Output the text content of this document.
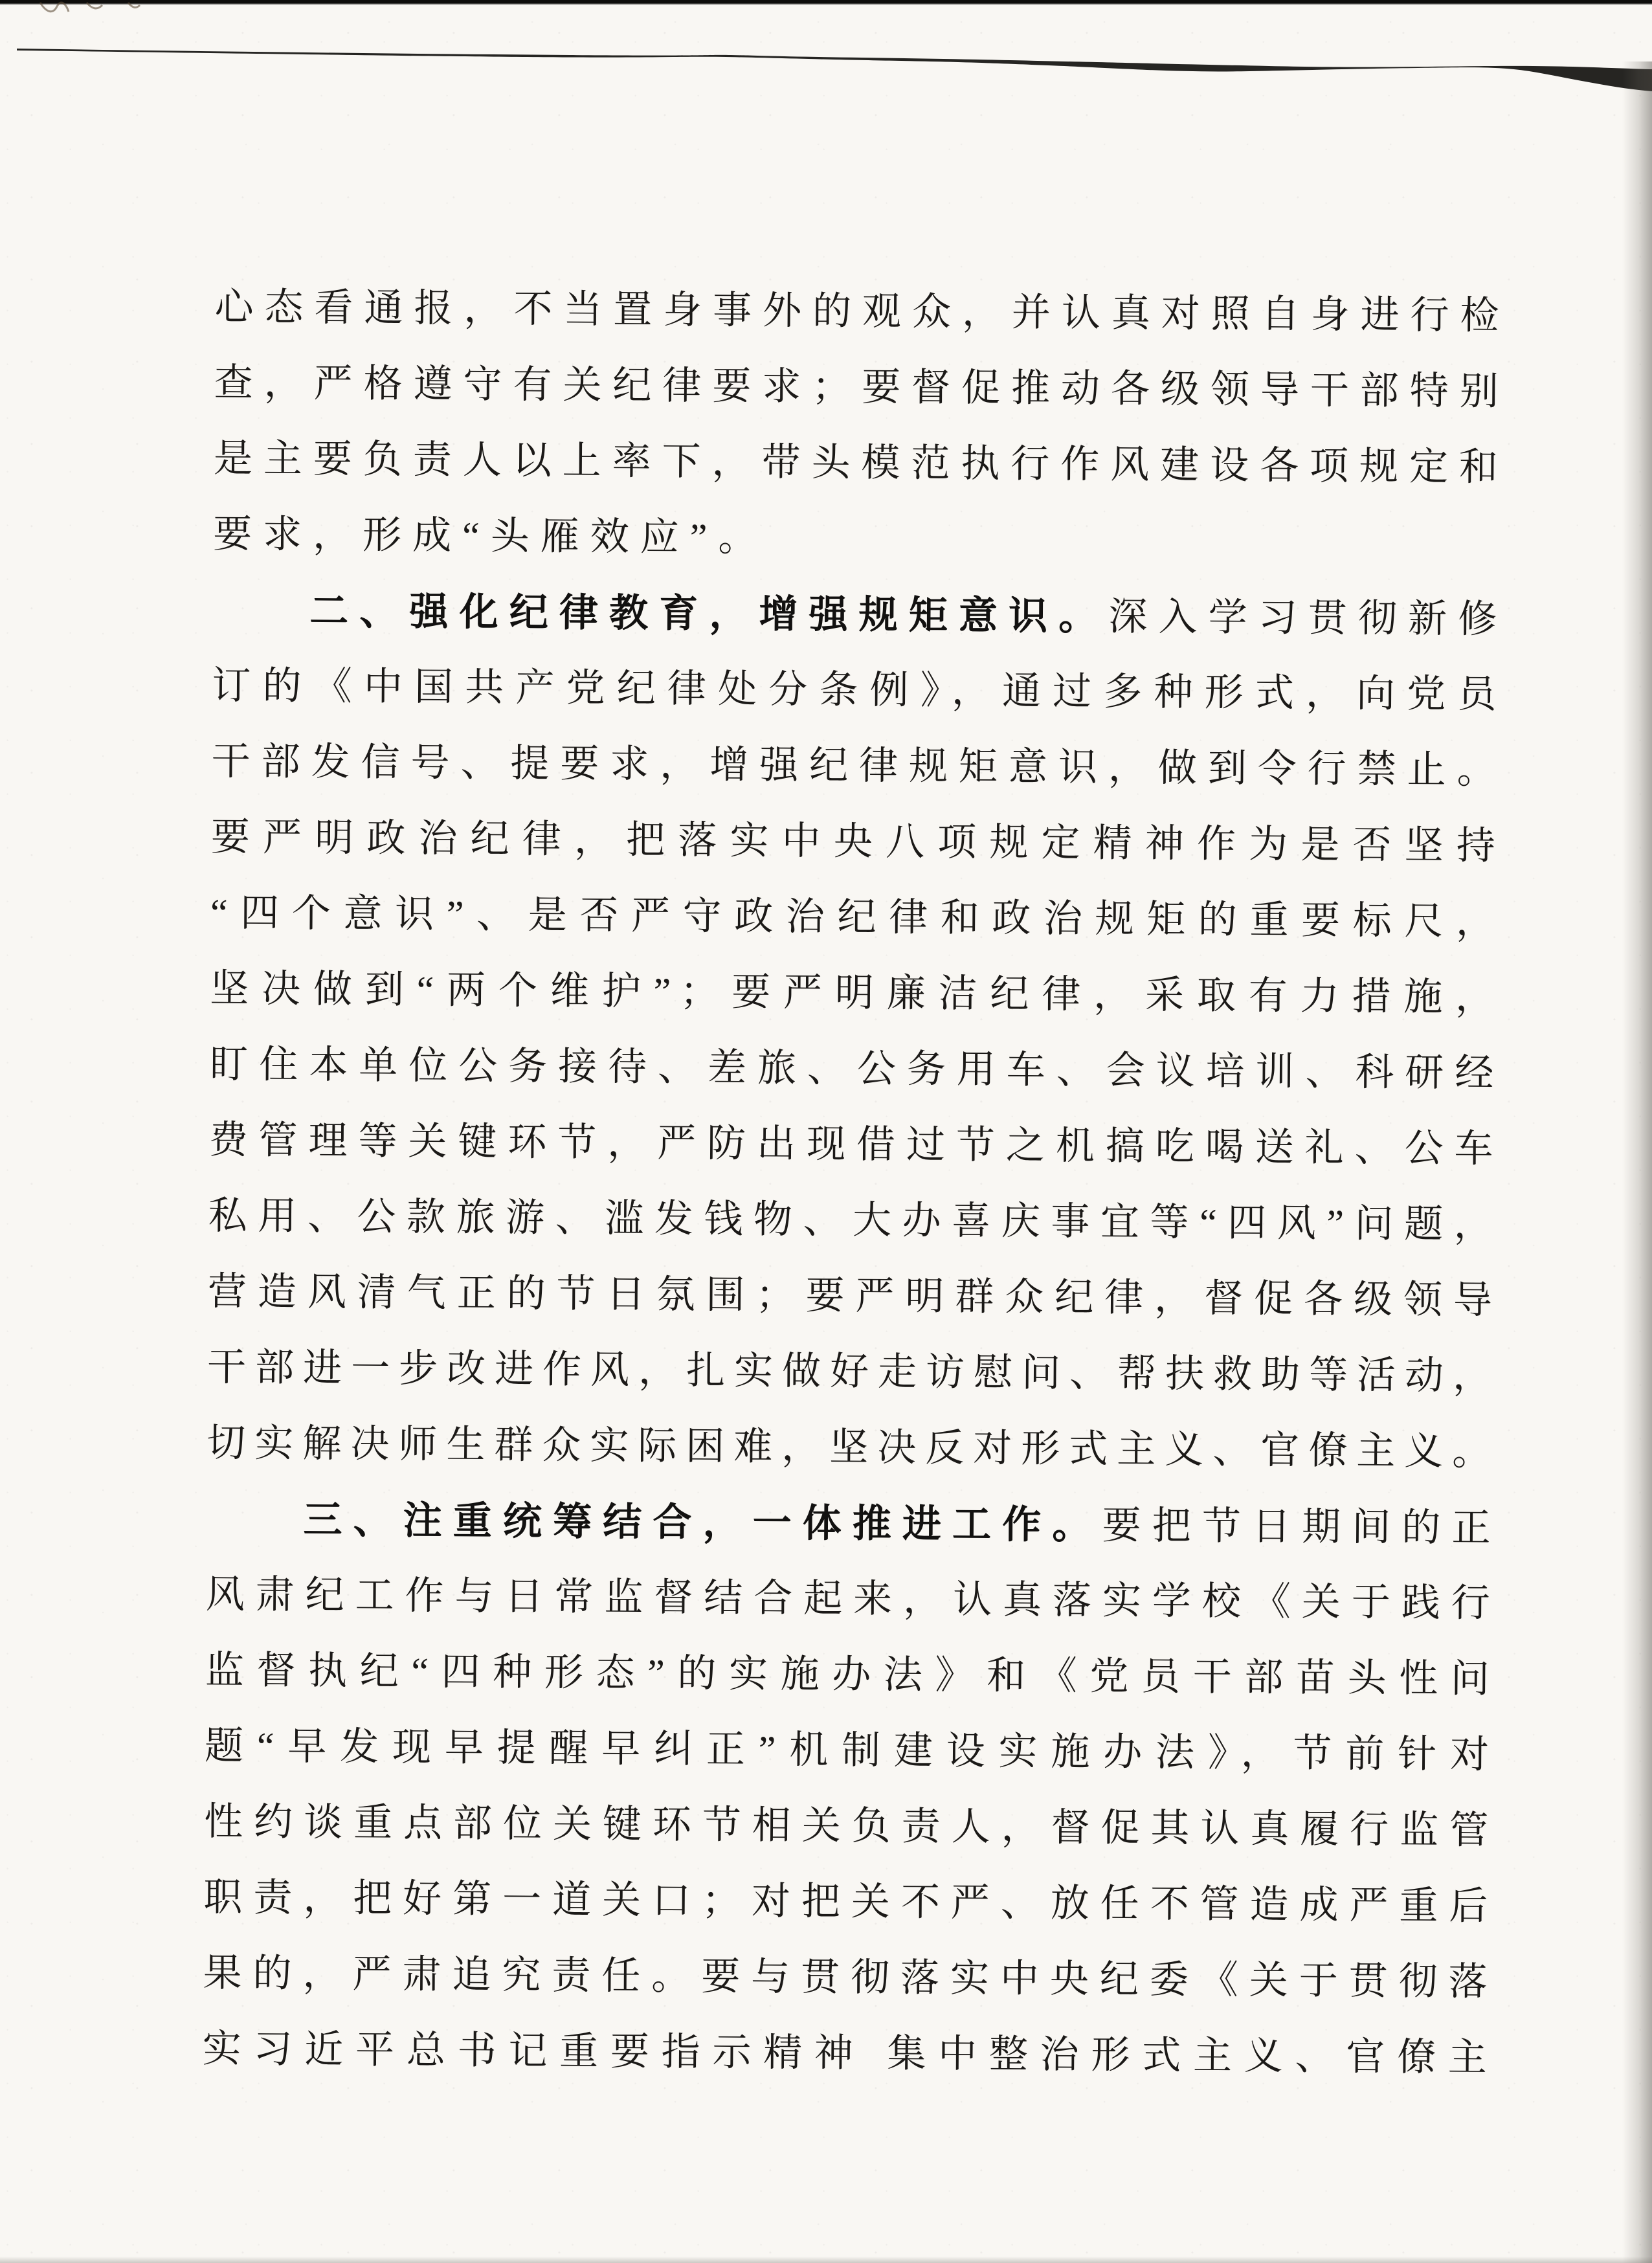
心态看通报，不当置身事外的观众，并认真对照自身进行检
查，严格遵守有关纪律要求；要督促推动各级领导干部特别
是主要负责人以上率下，带头模范执行作风建设各项规定和
要求，形成“头雁效应”。
二、强化纪律教育，增强规矩意识。深入学习贯彻新修
订的《中国共产党纪律处分条例》，通过多种形式，向党员
干部发信号、提要求，增强纪律规矩意识，做到令行禁止。
要严明政治纪律，把落实中央八项规定精神作为是否坚持
“四个意识”、是否严守政治纪律和政治规矩的重要标尺，
坚决做到“两个维护”；要严明廉洁纪律，采取有力措施，
盯住本单位公务接待、差旅、公务用车、会议培训、科研经
费管理等关键环节，严防出现借过节之机搞吃喝送礼、公车
私用、公款旅游、滥发钱物、大办喜庆事宜等“四风”问题，
营造风清气正的节日氛围；要严明群众纪律，督促各级领导
干部进一步改进作风，扎实做好走访慰问、帮扶救助等活动，
切实解决师生群众实际困难，坚决反对形式主义、官僚主义。
三、注重统筹结合，一体推进工作。要把节日期间的正
风肃纪工作与日常监督结合起来，认真落实学校《关于践行
监督执纪“四种形态”的实施办法》和《党员干部苗头性问
题“早发现早提醒早纠正”机制建设实施办法》，节前针对
性约谈重点部位关键环节相关负责人，督促其认真履行监管
职责，把好第一道关口；对把关不严、放任不管造成严重后
果的，严肃追究责任。要与贯彻落实中央纪委《关于贯彻落
实习近平总书记重要指示精神 集中整治形式主义、官僚主
